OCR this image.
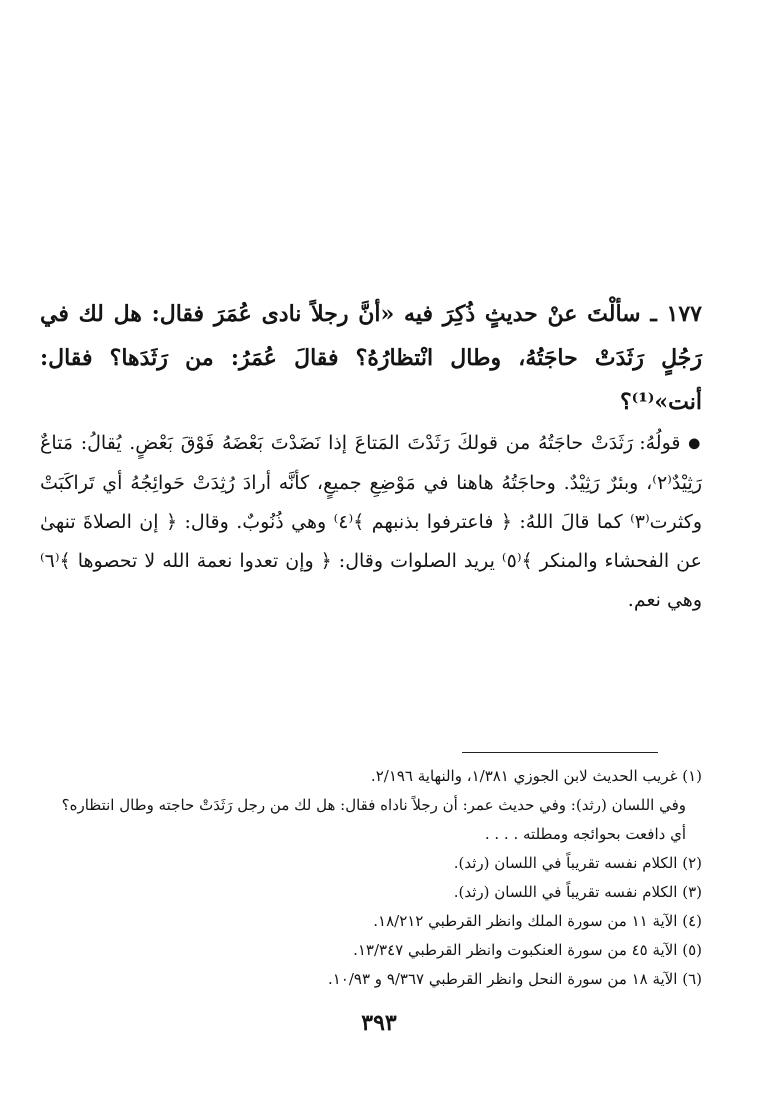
١٧٧ ـ سألْتَ عنْ حديثٍ ذُكِرَ فيه «أنَّ رجلاً نادى عُمَرَ فقال: هل لك في رَجُلٍ رَثَدَتْ حاجَتُهُ، وطال انْتظارُهُ؟ فقالَ عُمَرُ: من رَثَدَها؟ فقال: أنت»⁽¹⁾؟

● قولُهُ: رَثَدَتْ حاجَتُهُ من قولكَ رَثَدْتَ المَتاعَ إذا نَضَدْتَ بَعْضَهُ فَوْقَ بَعْضٍ. يُقالُ: مَتاعٌ رَثِيْدٌ⁽٢⁾، وبئرٌ رَثِيْدٌ. وحاجَتُهُ هاهنا في مَوْضِعِ جميعٍ، كأنَّه أرادَ رُثِدَتْ حَوائِجُهُ أي تَراكَبَتْ وكثرت⁽٣⁾ كما قالَ اللهُ: ﴿ فاعترفوا بذنبهم ﴾⁽٤⁾ وهي ذُنُوبٌ. وقال: ﴿ إن الصلاةَ تنهىٰ عن الفحشاء والمنكر ﴾⁽٥⁾ يريد الصلوات وقال: ﴿ وإن تعدوا نعمة الله لا تحصوها ﴾⁽٦⁾ وهي نعم.

(١) غريب الحديث لابن الجوزي ١/٣٨١، والنهاية ٢/١٩٦.
وفي اللسان (رثد): وفي حديث عمر: أن رجلاً ناداه فقال: هل لك من رجل رَثَدَتْ حاجته وطال انتظاره؟ أي دافعت بحوائجه ومطلته . . . .
(٢) الكلام نفسه تقريباً في اللسان (رثد).
(٣) الكلام نفسه تقريباً في اللسان (رثد).
(٤) الآية ١١ من سورة الملك وانظر القرطبي ١٨/٢١٢.
(٥) الآية ٤٥ من سورة العنكبوت وانظر القرطبي ١٣/٣٤٧.
(٦) الآية ١٨ من سورة النحل وانظر القرطبي ٩/٣٦٧ و ١٠/٩٣.
٣٩٣
